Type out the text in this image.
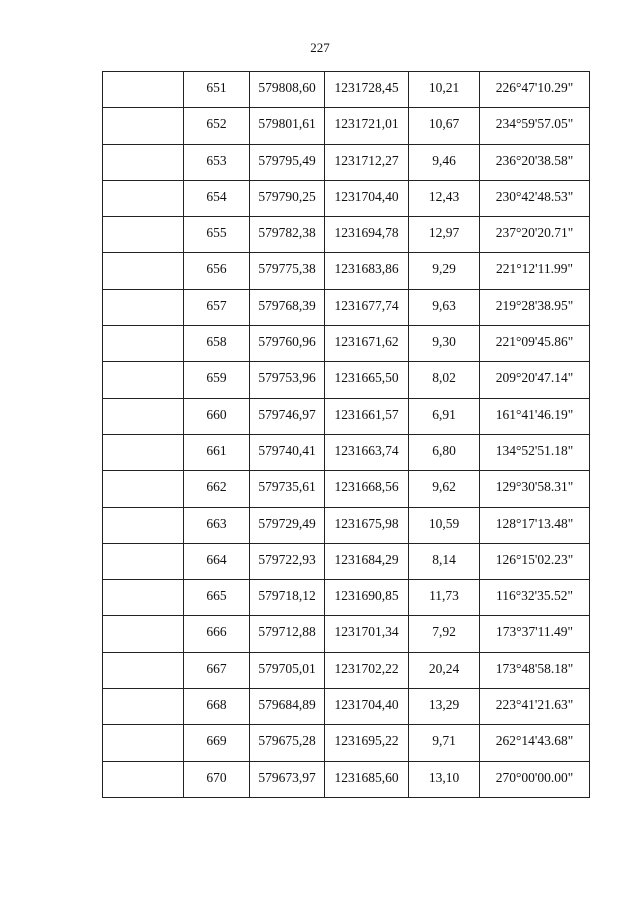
227
	651	579808,60	1231728,45	10,21	226°47'10.29"
	652	579801,61	1231721,01	10,67	234°59'57.05"
	653	579795,49	1231712,27	9,46	236°20'38.58"
	654	579790,25	1231704,40	12,43	230°42'48.53"
	655	579782,38	1231694,78	12,97	237°20'20.71"
	656	579775,38	1231683,86	9,29	221°12'11.99"
	657	579768,39	1231677,74	9,63	219°28'38.95"
	658	579760,96	1231671,62	9,30	221°09'45.86"
	659	579753,96	1231665,50	8,02	209°20'47.14"
	660	579746,97	1231661,57	6,91	161°41'46.19"
	661	579740,41	1231663,74	6,80	134°52'51.18"
	662	579735,61	1231668,56	9,62	129°30'58.31"
	663	579729,49	1231675,98	10,59	128°17'13.48"
	664	579722,93	1231684,29	8,14	126°15'02.23"
	665	579718,12	1231690,85	11,73	116°32'35.52"
	666	579712,88	1231701,34	7,92	173°37'11.49"
	667	579705,01	1231702,22	20,24	173°48'58.18"
	668	579684,89	1231704,40	13,29	223°41'21.63"
	669	579675,28	1231695,22	9,71	262°14'43.68"
	670	579673,97	1231685,60	13,10	270°00'00.00"
